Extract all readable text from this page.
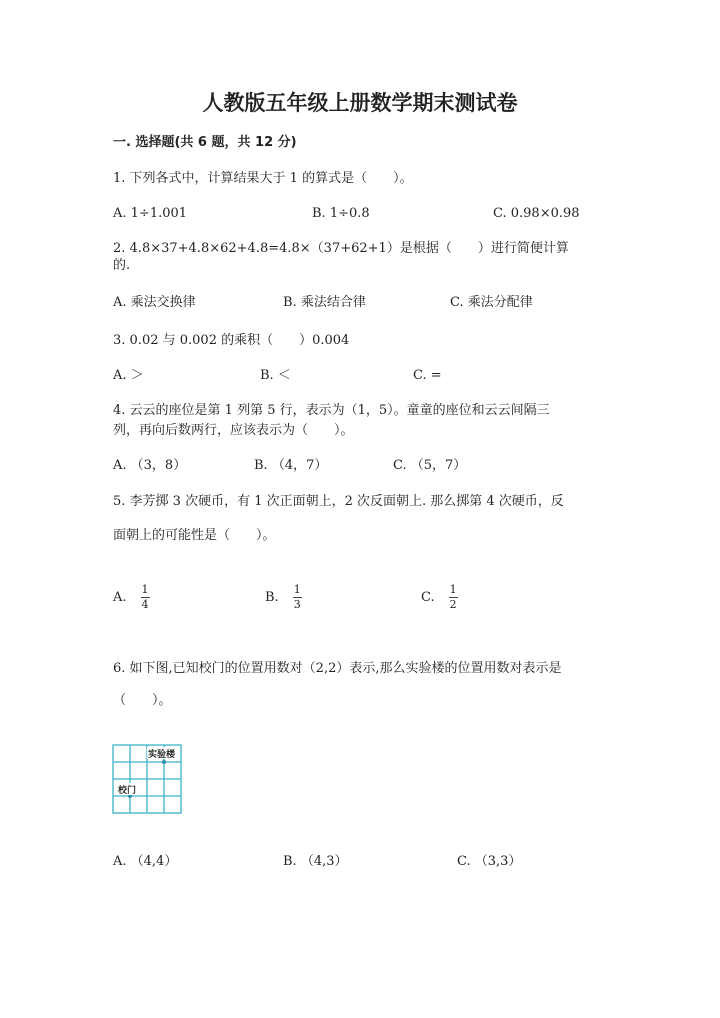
人教版五年级上册数学期末测试卷
一. 选择题(共 6 题，共 12 分)
1. 下列各式中，计算结果大于 1 的算式是（　　）。
A. 1÷1.001	B. 1÷0.8	C. 0.98×0.98
2. 4.8×37+4.8×62+4.8=4.8×（37+62+1）是根据（　　）进行简便计算
的.
A. 乘法交换律	B. 乘法结合律	C. 乘法分配律
3. 0.02 与 0.002 的乘积（　　）0.004
A. ＞	B. ＜	C. =
4. 云云的座位是第 1 列第 5 行，表示为（1，5）。童童的座位和云云间隔三
列，再向后数两行，应该表示为（　　）。
A. （3，8）	B. （4，7）	C. （5，7）
5. 李芳掷 3 次硬币，有 1 次正面朝上，2 次反面朝上. 那么掷第 4 次硬币，反
面朝上的可能性是（　　）。
A. $\frac{1}{4}$	B. $\frac{1}{3}$	C. $\frac{1}{2}$
6. 如下图,已知校门的位置用数对（2,2）表示,那么实验楼的位置用数对表示是
（　　）。
实验楼
校门
A. （4,4）	B. （4,3）	C. （3,3）
